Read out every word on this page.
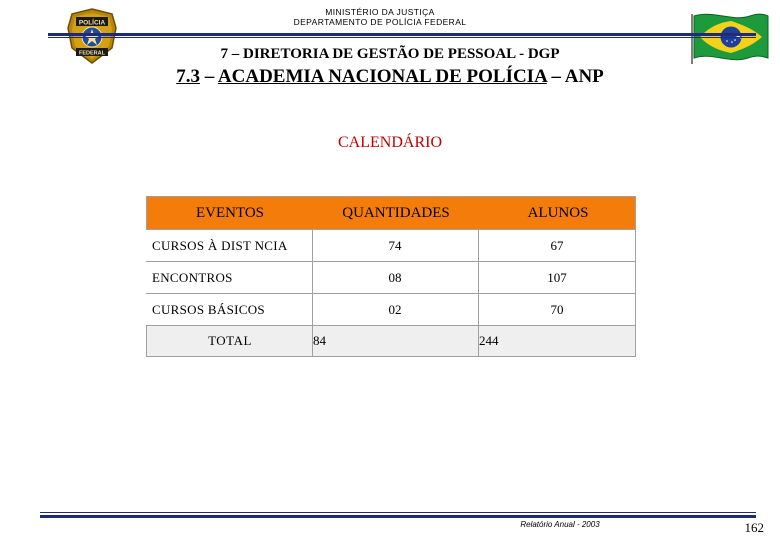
POLÍCIA
FEDERAL
MINISTÉRIO DA JUSTIÇA
DEPARTAMENTO DE POLÍCIA FEDERAL
7 – DIRETORIA DE GESTÃO DE PESSOAL - DGP
7.3 – ACADEMIA NACIONAL DE POLÍCIA – ANP
CALENDÁRIO
EVENTOS	QUANTIDADES	ALUNOS
CURSOS À DIST NCIA	74	67
ENCONTROS	08	107
CURSOS BÁSICOS	02	70
TOTAL	84	244
Relatório Anual - 2003	162
